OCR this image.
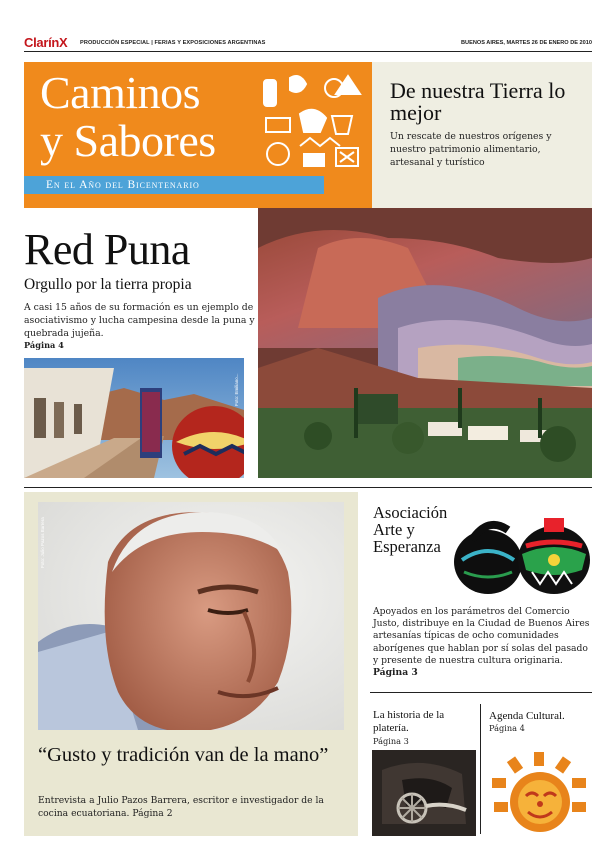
ClarínX PRODUCCIÓN ESPECIAL | FERIAS Y EXPOSICIONES ARGENTINAS	BUENOS AIRES, MARTES 26 DE ENERO DE 2010
Caminos
y Sabores
En el Año del Bicentenario
De nuestra Tierra lo mejor
Un rescate de nuestros orígenes y nuestro patrimonio alimentario, artesanal y turístico
Red Puna
Orgullo por la tierra propia
A casi 15 años de su formación es un ejemplo de asociativismo y lucha campesina desde la puna y quebrada jujeña.
Página 4
Foto: Emiliano...
Foto: Julio Pazos Barrera
“Gusto y tradición van de la mano”
Entrevista a Julio Pazos Barrera, escritor e investigador de la cocina ecuatoriana. Página 2
Asociación Arte y Esperanza
Apoyados en los parámetros del Comercio Justo, distribuye en la Ciudad de Buenos Aires artesanías típicas de ocho comunidades aborígenes que hablan por sí solas del pasado y presente de nuestra cultura originaria.
Página 3
La historia de la platería.
Página 3
Agenda Cultural.
Página 4
